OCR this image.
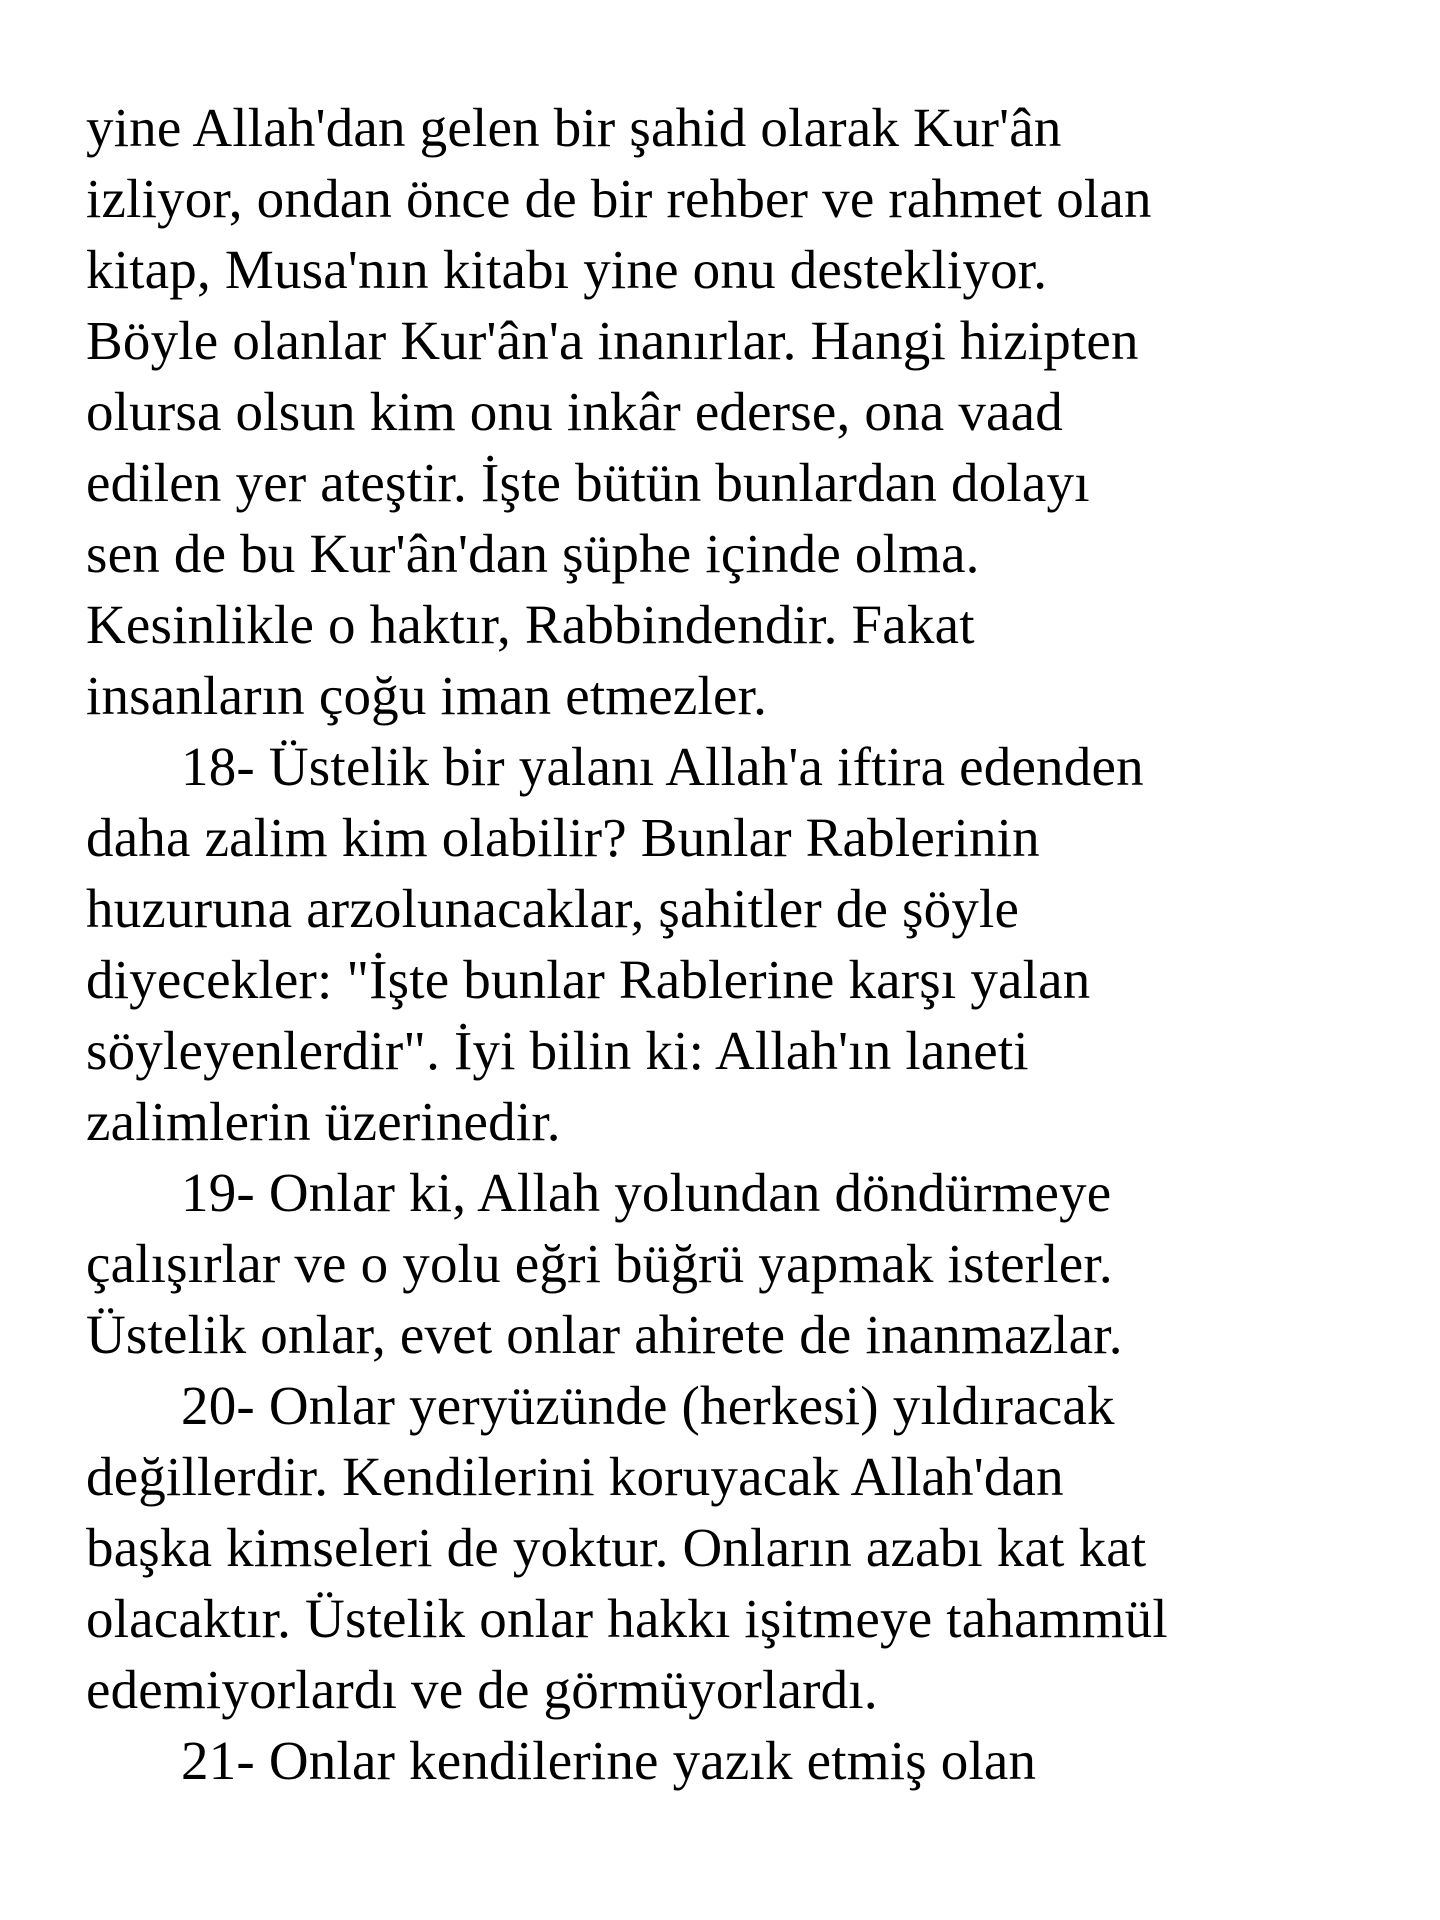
yine Allah'dan gelen bir şahid olarak Kur'ân
izliyor, ondan önce de bir rehber ve rahmet olan
kitap, Musa'nın kitabı yine onu destekliyor.
Böyle olanlar Kur'ân'a inanırlar. Hangi hizipten
olursa olsun kim onu inkâr ederse, ona vaad
edilen yer ateştir. İşte bütün bunlardan dolayı
sen de bu Kur'ân'dan şüphe içinde olma.
Kesinlikle o haktır, Rabbindendir. Fakat
insanların çoğu iman etmezler.
18- Üstelik bir yalanı Allah'a iftira edenden
daha zalim kim olabilir? Bunlar Rablerinin
huzuruna arzolunacaklar, şahitler de şöyle
diyecekler: "İşte bunlar Rablerine karşı yalan
söyleyenlerdir". İyi bilin ki: Allah'ın laneti
zalimlerin üzerinedir.
19- Onlar ki, Allah yolundan döndürmeye
çalışırlar ve o yolu eğri büğrü yapmak isterler.
Üstelik onlar, evet onlar ahirete de inanmazlar.
20- Onlar yeryüzünde (herkesi) yıldıracak
değillerdir. Kendilerini koruyacak Allah'dan
başka kimseleri de yoktur. Onların azabı kat kat
olacaktır. Üstelik onlar hakkı işitmeye tahammül
edemiyorlardı ve de görmüyorlardı.
21- Onlar kendilerine yazık etmiş olan
